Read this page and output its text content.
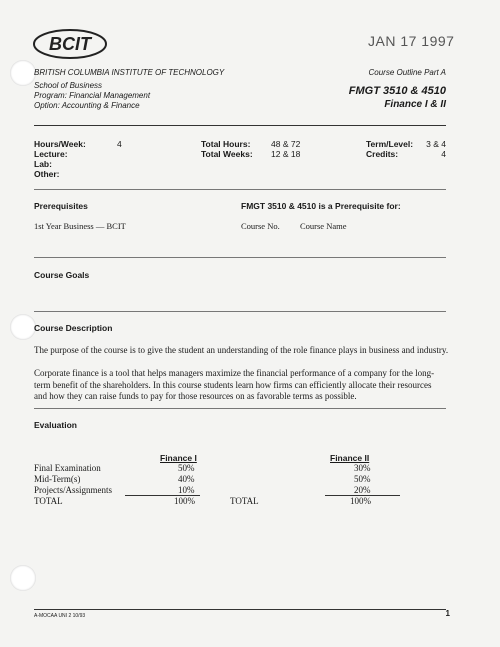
BCIT	JAN 17 1997
BRITISH COLUMBIA INSTITUTE OF TECHNOLOGY	Course Outline Part A
School of Business
Program: Financial Management
Option: Accounting & Finance
FMGT 3510 & 4510
Finance I & II
Hours/Week:	4
Lecture:
Lab:
Other:
Total Hours: 48 & 72
Total Weeks: 12 & 18
Term/Level: 3 & 4
Credits:	4
Prerequisites
1st Year Business — BCIT
FMGT 3510 & 4510 is a Prerequisite for:
Course No. Course Name
Course Goals
Course Description
The purpose of the course is to give the student an understanding of the role finance plays in business and industry.
Corporate finance is a tool that helps managers maximize the financial performance of a company for the long-
term benefit of the shareholders. In this course students learn how firms can efficiently allocate their resources
and how they can raise funds to pay for those resources on as favorable terms as possible.
Evaluation
Finance I	Finance II
Final Examination	50%	30%
Mid-Term(s)	40%	50%
Projects/Assignments	10%	20%
TOTAL	100%	TOTAL	100%
A-MOCAA UNI 2 10/93	1
